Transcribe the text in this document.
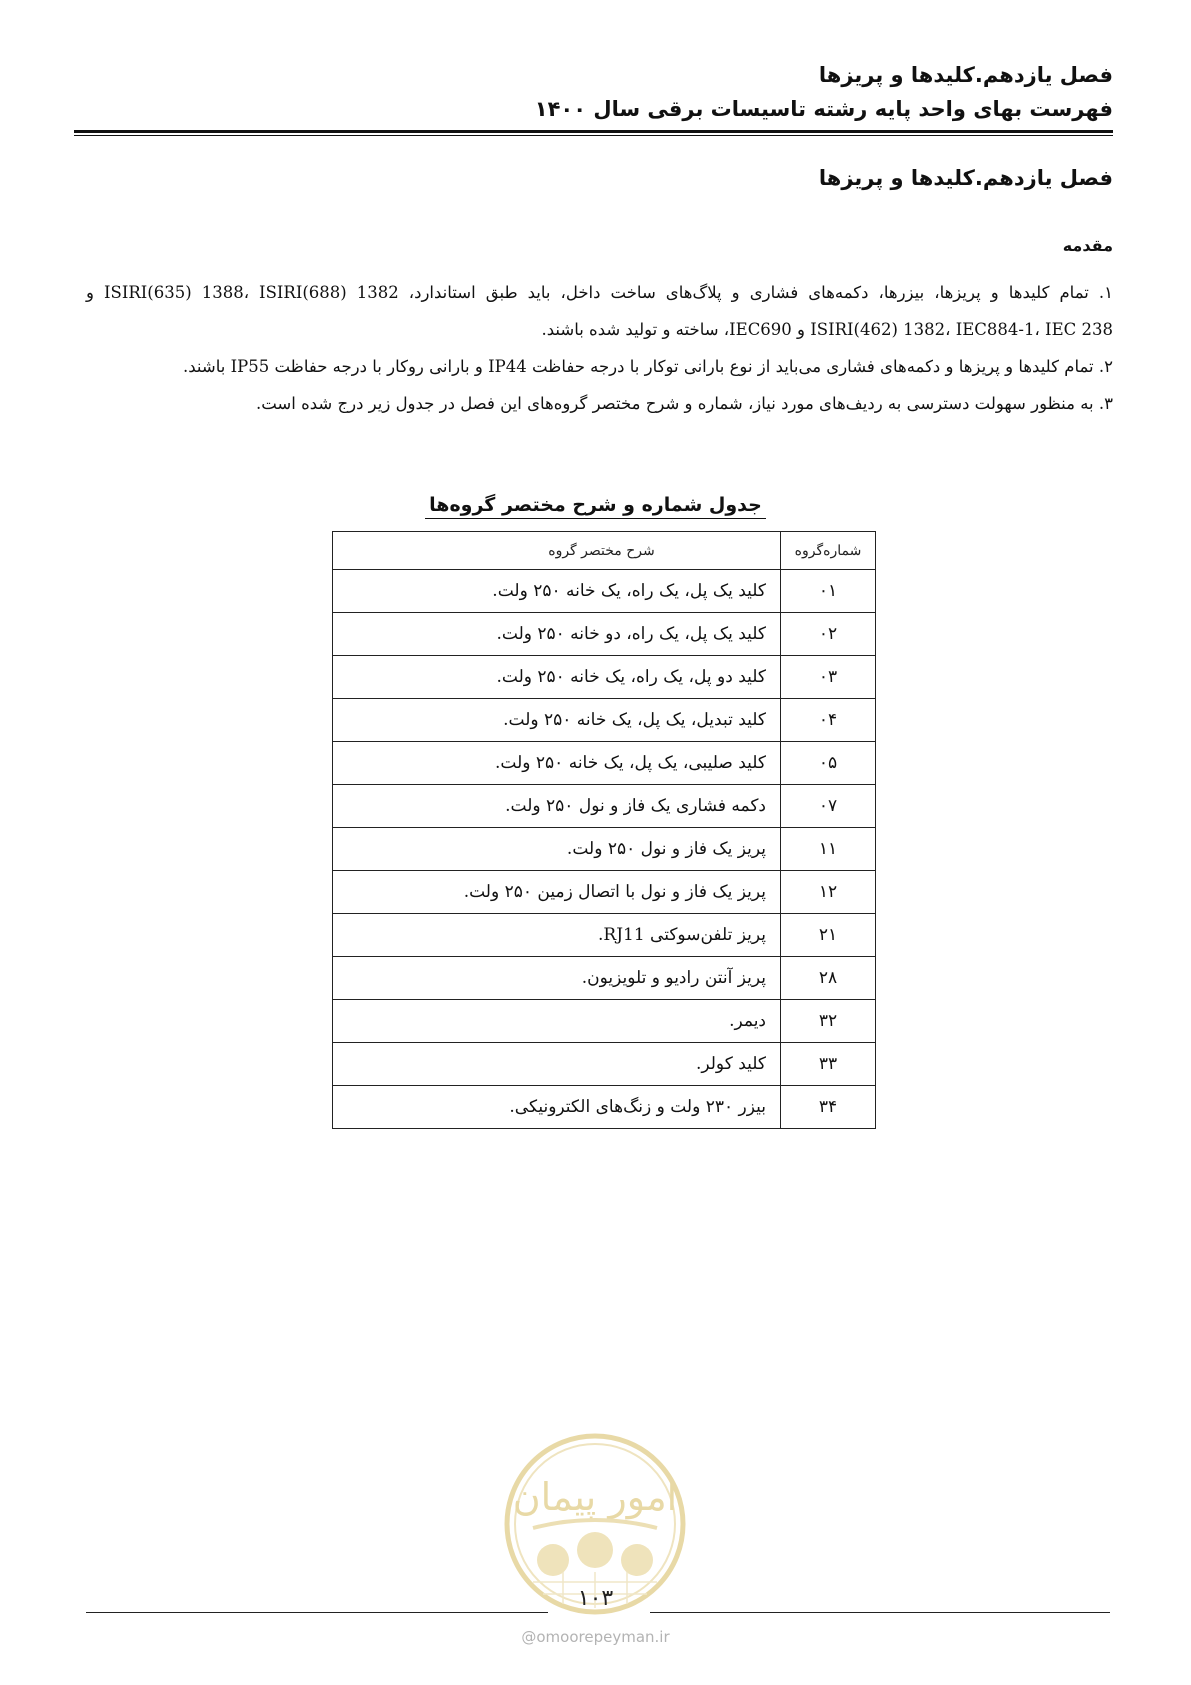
فصل یازدهم.کلیدها و پریزها
فهرست بهای واحد پایه رشته تاسیسات برقی سال ۱۴۰۰
فصل یازدهم.کلیدها و پریزها
مقدمه

۱. تمام کلیدها و پریزها، بیزرها، دکمه‌های فشاری و پلاگ‌های ساخت داخل، باید طبق استاندارد، ISIRI(635) 1388، ISIRI(688) 1382 و ISIRI(462) 1382، IEC884-1، IEC 238 و IEC690، ساخته و تولید شده باشند.

۲. تمام کلیدها و پریزها و دکمه‌های فشاری می‌باید از نوع بارانی توکار با درجه حفاظت IP44 و بارانی روکار با درجه حفاظت IP55 باشند.

۳. به منظور سهولت دسترسی به ردیف‌های مورد نیاز، شماره و شرح مختصر گروه‌های این فصل در جدول زیر درج شده است.

جدول شماره و شرح مختصر گروه‌ها
شماره‌گروه	شرح مختصر گروه
۰۱	کلید یک پل، یک راه، یک خانه ۲۵۰ ولت.
۰۲	کلید یک پل، یک راه، دو خانه ۲۵۰ ولت.
۰۳	کلید دو پل، یک راه، یک خانه ۲۵۰ ولت.
۰۴	کلید تبدیل، یک پل، یک خانه ۲۵۰ ولت.
۰۵	کلید صلیبی، یک پل، یک خانه ۲۵۰ ولت.
۰۷	دکمه فشاری یک فاز و نول ۲۵۰ ولت.
۱۱	پریز یک فاز و نول ۲۵۰ ولت.
۱۲	پریز یک فاز و نول با اتصال زمین ۲۵۰ ولت.
۲۱	پریز تلفن‌سوکتی RJ11.
۲۸	پریز آنتن رادیو و تلویزیون.
۳۲	دیمر.
۳۳	کلید کولر.
۳۴	بیزر ۲۳۰ ولت و زنگ‌های الکترونیکی.
امور پیمان
۱۰۳
@omoorepeyman.ir
